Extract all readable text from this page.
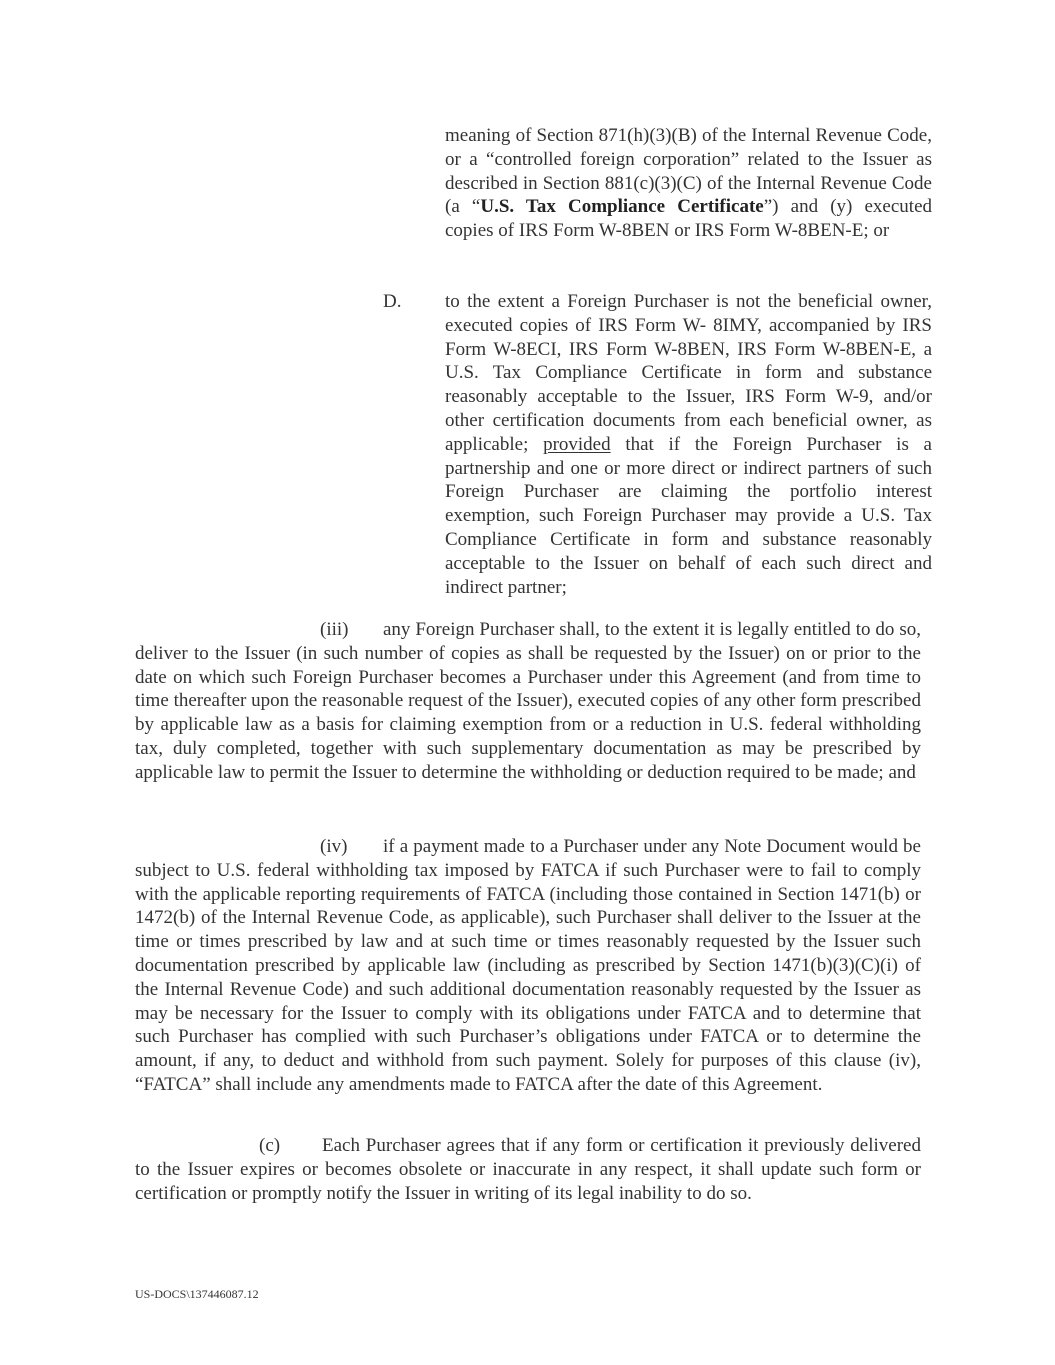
meaning of Section 871(h)(3)(B) of the Internal Revenue Code, or a “controlled foreign corporation” related to the Issuer as described in Section 881(c)(3)(C) of the Internal Revenue Code (a “U.S. Tax Compliance Certificate”) and (y) executed copies of IRS Form W-8BEN or IRS Form W-8BEN-E; or

D.	to the extent a Foreign Purchaser is not the beneficial owner, executed copies of IRS Form W- 8IMY, accompanied by IRS Form W-8ECI, IRS Form W-8BEN, IRS Form W-8BEN-E, a U.S. Tax Compliance Certificate in form and substance reasonably acceptable to the Issuer, IRS Form W-9, and/or other certification documents from each beneficial owner, as applicable; provided that if the Foreign Purchaser is a partnership and one or more direct or indirect partners of such Foreign Purchaser are claiming the portfolio interest exemption, such Foreign Purchaser may provide a U.S. Tax Compliance Certificate in form and substance reasonably acceptable to the Issuer on behalf of each such direct and indirect partner;

(iii) any Foreign Purchaser shall, to the extent it is legally entitled to do so, deliver to the Issuer (in such number of copies as shall be requested by the Issuer) on or prior to the date on which such Foreign Purchaser becomes a Purchaser under this Agreement (and from time to time thereafter upon the reasonable request of the Issuer), executed copies of any other form prescribed by applicable law as a basis for claiming exemption from or a reduction in U.S. federal withholding tax, duly completed, together with such supplementary documentation as may be prescribed by applicable law to permit the Issuer to determine the withholding or deduction required to be made; and

(iv) if a payment made to a Purchaser under any Note Document would be subject to U.S. federal withholding tax imposed by FATCA if such Purchaser were to fail to comply with the applicable reporting requirements of FATCA (including those contained in Section 1471(b) or 1472(b) of the Internal Revenue Code, as applicable), such Purchaser shall deliver to the Issuer at the time or times prescribed by law and at such time or times reasonably requested by the Issuer such documentation prescribed by applicable law (including as prescribed by Section 1471(b)(3)(C)(i) of the Internal Revenue Code) and such additional documentation reasonably requested by the Issuer as may be necessary for the Issuer to comply with its obligations under FATCA and to determine that such Purchaser has complied with such Purchaser’s obligations under FATCA or to determine the amount, if any, to deduct and withhold from such payment. Solely for purposes of this clause (iv), “FATCA” shall include any amendments made to FATCA after the date of this Agreement.

(c) Each Purchaser agrees that if any form or certification it previously delivered to the Issuer expires or becomes obsolete or inaccurate in any respect, it shall update such form or certification or promptly notify the Issuer in writing of its legal inability to do so.

US-DOCS\137446087.12
